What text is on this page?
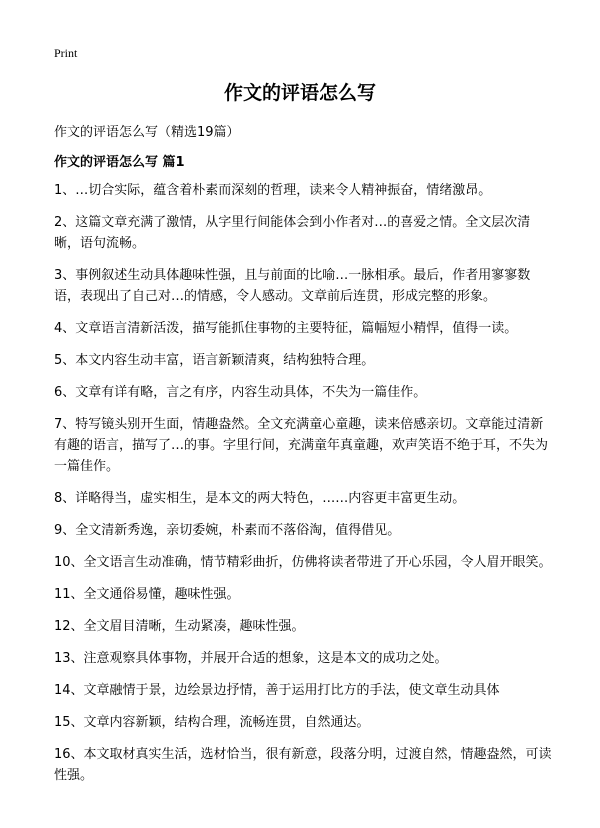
Print
作文的评语怎么写
作文的评语怎么写（精选19篇）
作文的评语怎么写 篇1
1、…切合实际，蕴含着朴素而深刻的哲理，读来令人精神振奋，情绪激昂。
2、这篇文章充满了激情，从字里行间能体会到小作者对…的喜爱之情。全文层次清晰，语句流畅。
3、事例叙述生动具体趣味性强，且与前面的比喻…一脉相承。最后，作者用寥寥数语，表现出了自己对…的情感，令人感动。文章前后连贯，形成完整的形象。
4、文章语言清新活泼，描写能抓住事物的主要特征，篇幅短小精悍，值得一读。
5、本文内容生动丰富，语言新颖清爽，结构独特合理。
6、文章有详有略，言之有序，内容生动具体，不失为一篇佳作。
7、特写镜头别开生面，情趣盎然。全文充满童心童趣，读来倍感亲切。文章能过清新有趣的语言，描写了…的事。字里行间，充满童年真童趣，欢声笑语不绝于耳，不失为一篇佳作。
8、详略得当，虚实相生，是本文的两大特色，……内容更丰富更生动。
9、全文清新秀逸，亲切委婉，朴素而不落俗淘，值得借见。
10、全文语言生动准确，情节精彩曲折，仿佛将读者带进了开心乐园，令人眉开眼笑。
11、全文通俗易懂，趣味性强。
12、全文眉目清晰，生动紧凑，趣味性强。
13、注意观察具体事物，并展开合适的想象，这是本文的成功之处。
14、文章融情于景，边绘景边抒情，善于运用打比方的手法，使文章生动具体
15、文章内容新颖，结构合理，流畅连贯，自然通达。
16、本文取材真实生活，选材恰当，很有新意，段落分明，过渡自然，情趣盎然，可读性强。
